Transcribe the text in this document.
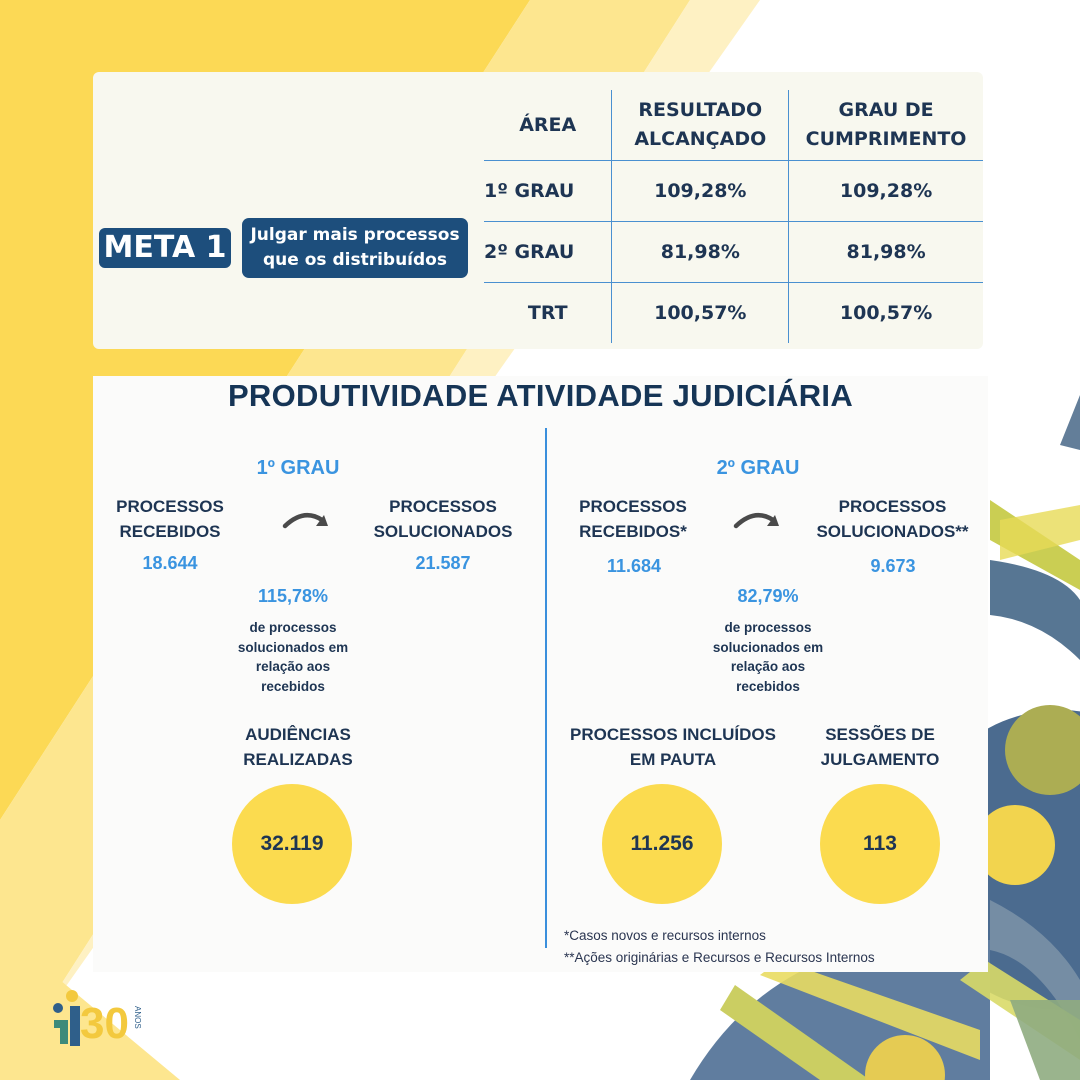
META 1	Julgar mais processos que os distribuídos
ÁREA	RESULTADO ALCANÇADO	GRAU DE CUMPRIMENTO

1º GRAU	109,28%	109,28%
2º GRAU	81,98%	81,98%
TRT	100,57%	100,57%
PRODUTIVIDADE ATIVIDADE JUDICIÁRIA
1º GRAU
PROCESSOS RECEBIDOS
18.644
PROCESSOS SOLUCIONADOS
21.587
115,78%
de processos solucionados em relação aos recebidos
AUDIÊNCIAS REALIZADAS
32.119
2º GRAU
PROCESSOS RECEBIDOS*
11.684
PROCESSOS SOLUCIONADOS**
9.673
82,79%
de processos solucionados em relação aos recebidos
PROCESSOS INCLUÍDOS EM PAUTA
11.256
SESSÕES DE JULGAMENTO
113
*Casos novos e recursos internos
**Ações originárias e Recursos e Recursos Internos
30 ANOS
